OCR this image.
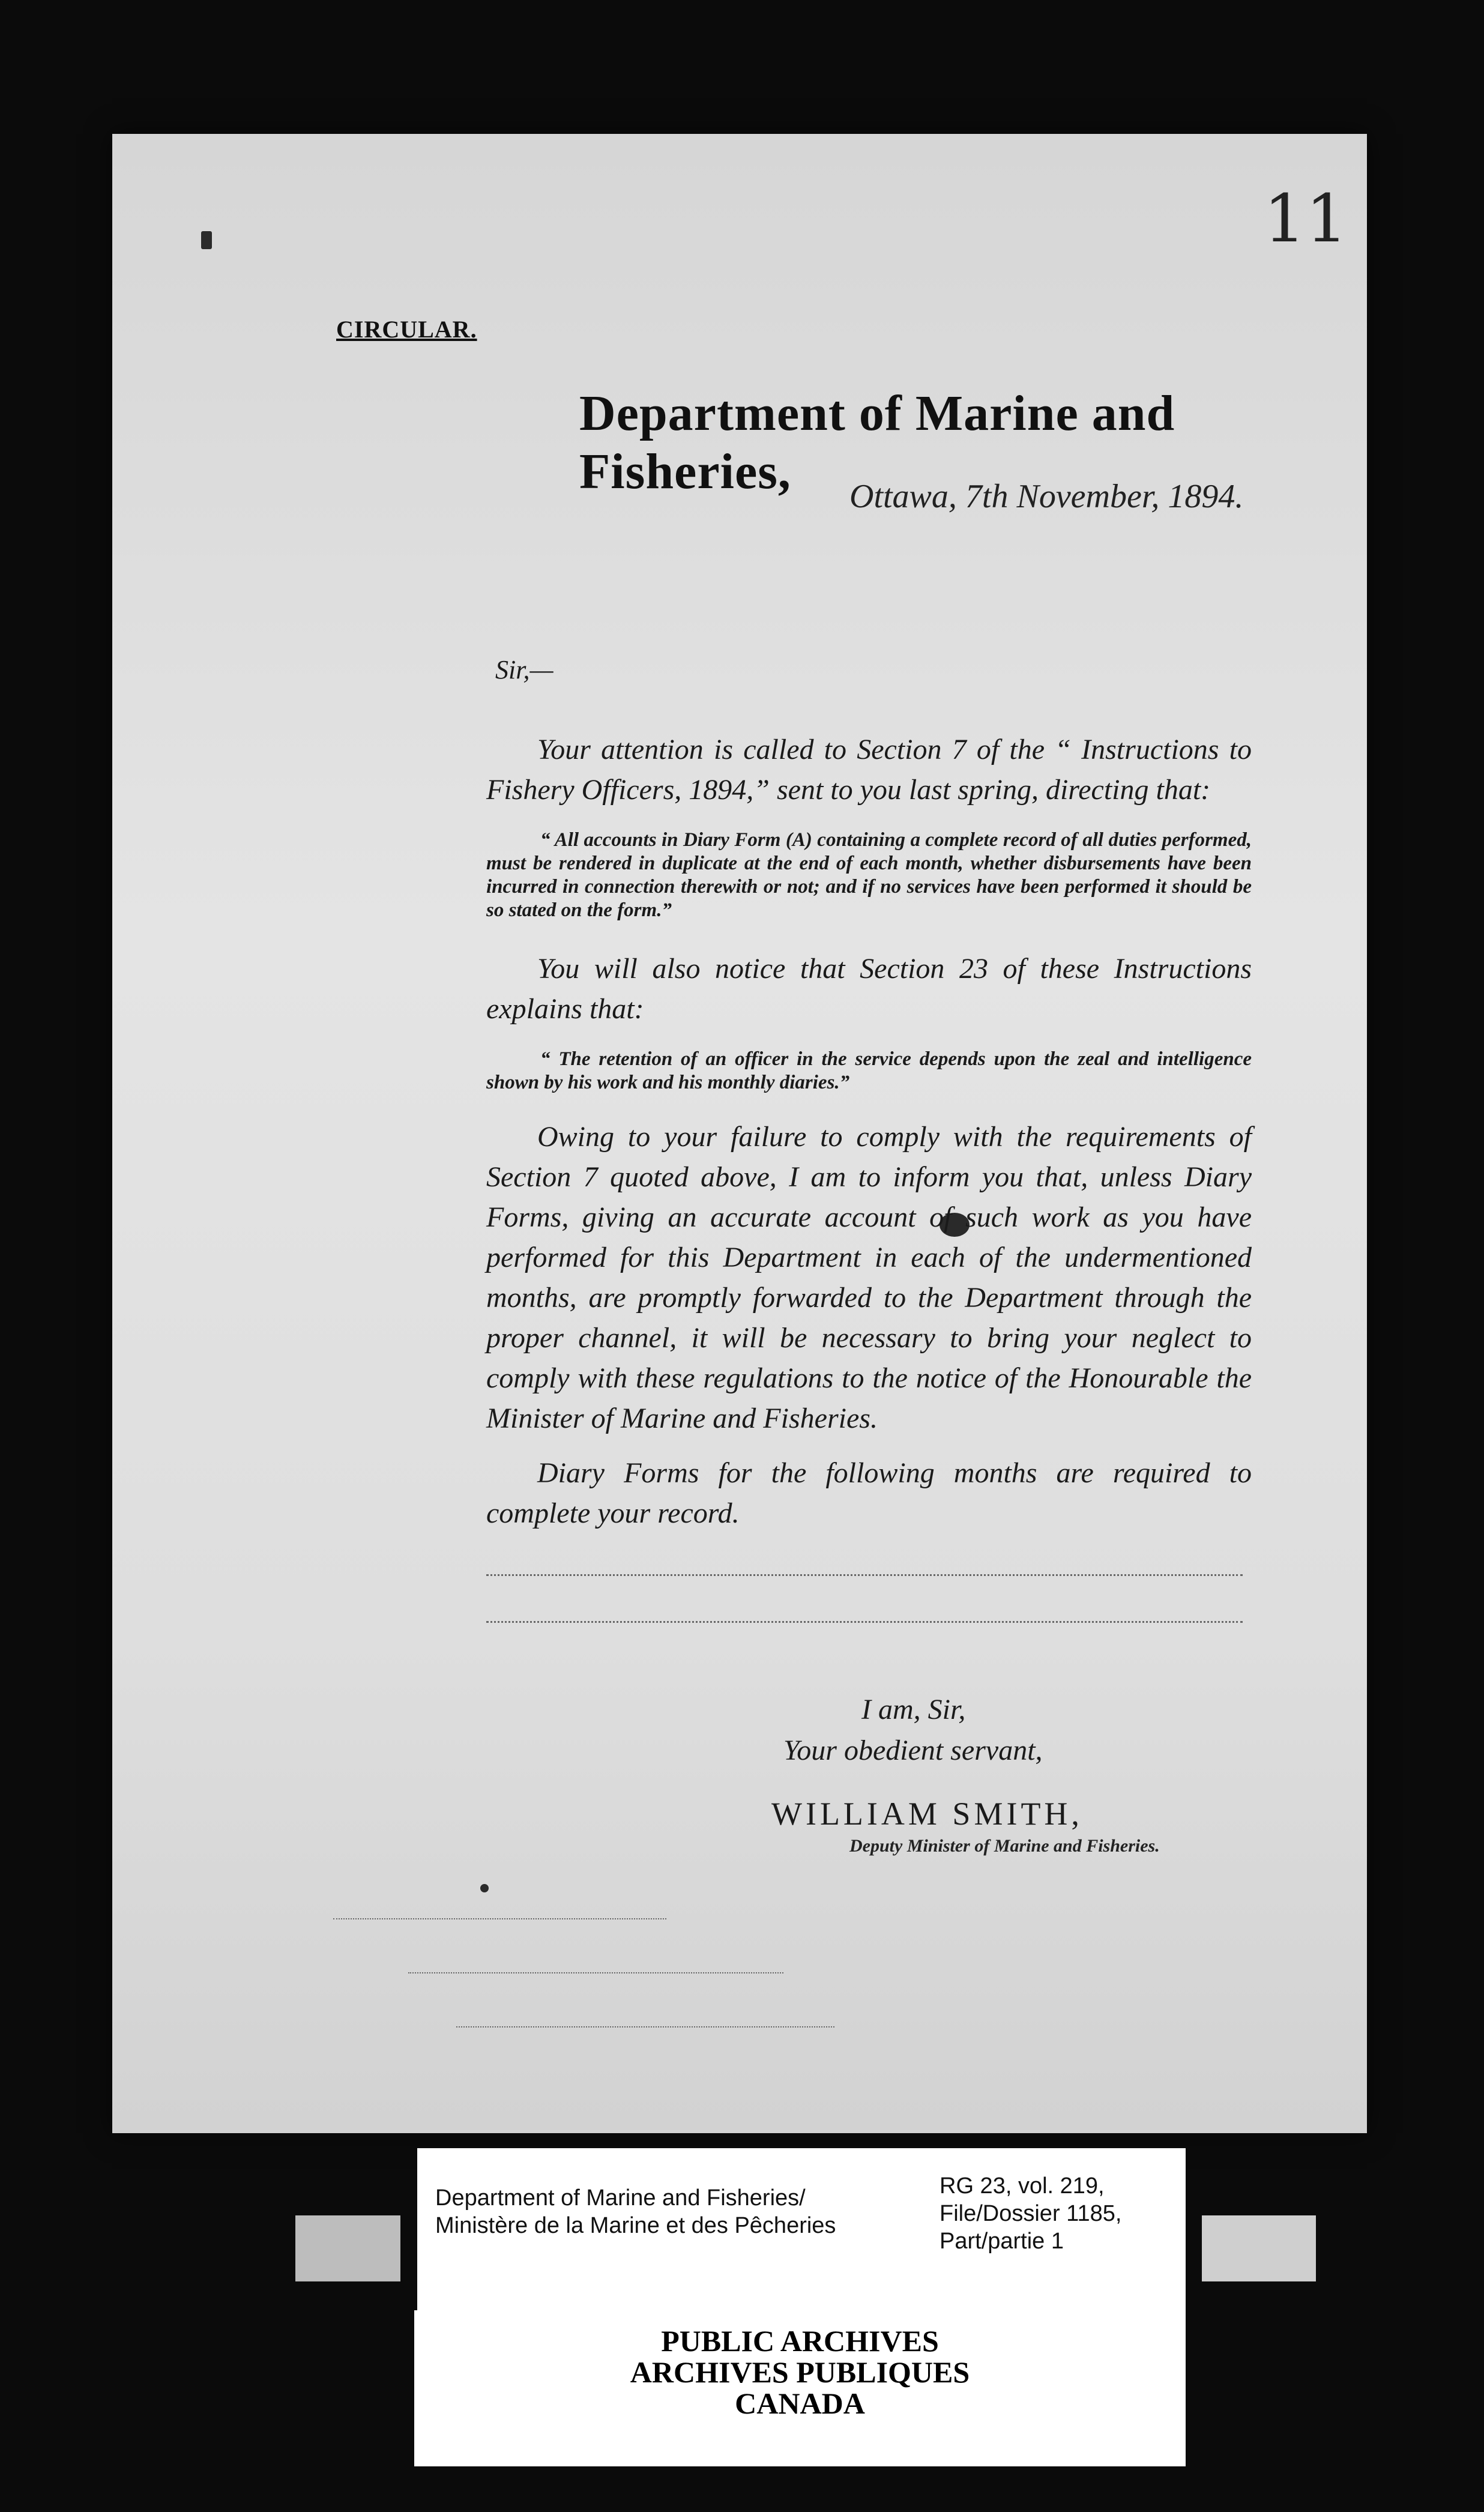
11
CIRCULAR.
Department of Marine and Fisheries,	Ottawa, 7th November, 1894.
Sir,—
Your attention is called to Section 7 of the “ Instructions to Fishery Officers, 1894,” sent to you last spring, directing that:
“ All accounts in Diary Form (A) containing a complete record of all duties performed, must be rendered in duplicate at the end of each month, whether disbursements have been incurred in connection therewith or not; and if no services have been performed it should be so stated on the form.”
You will also notice that Section 23 of these Instructions explains that:
“ The retention of an officer in the service depends upon the zeal and intelligence shown by his work and his monthly diaries.”
Owing to your failure to comply with the requirements of Section 7 quoted above, I am to inform you that, unless Diary Forms, giving an accurate account of such work as you have performed for this Department in each of the undermentioned months, are promptly forwarded to the Department through the proper channel, it will be necessary to bring your neglect to comply with these regulations to the notice of the Honourable the Minister of Marine and Fisheries.
Diary Forms for the following months are required to complete your record.
I am, Sir,
Your obedient servant,
WILLIAM SMITH,
Deputy Minister of Marine and Fisheries.
Department of Marine and Fisheries/
Ministère de la Marine et des Pêcheries
RG 23, vol. 219,
File/Dossier 1185,
Part/partie 1
PUBLIC ARCHIVES
ARCHIVES PUBLIQUES
CANADA
